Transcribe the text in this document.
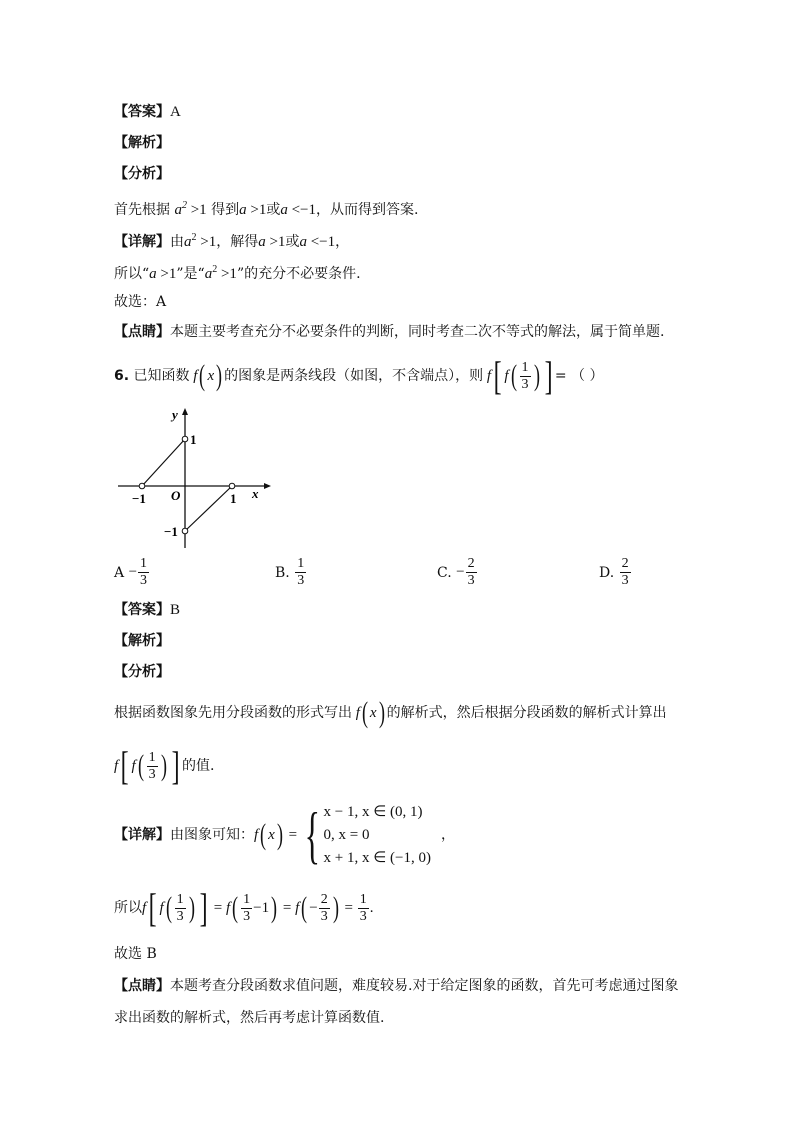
【答案】A
【解析】
【分析】
首先根据 $a^2 >1$ 得到a >1或a <−1，从而得到答案.
【详解】由$a^2 >1$，解得a >1或a <−1，
所以“a >1”是“$a^2 >1$”的充分不必要条件.
故选：A
【点睛】本题主要考查充分不必要条件的判断，同时考查二次不等式的解法，属于简单题.
6.
已知函数 f ( x ) 的图象是两条线段（如图，不含端点），则 f [ f ( $\frac{1}{3}$ ) ] = （ ）
y
1
O
−1	1 x
−1
A
− $\frac{1}{3}$	B.
$\frac{1}{3}$	C.
− $\frac{2}{3}$	D.
$\frac{2}{3}$
【答案】B
【解析】
【分析】
根据函数图象先用分段函数的形式写出 f ( x ) 的解析式，然后根据分段函数的解析式计算出
f [ f ( $\frac{1}{3}$ ) ] 的值.
【详解】 由图象可知： f ( x ) = { x − 1, x ∈ (0, 1)
0, x = 0
x + 1, x ∈ (−1, 0)
，
所以 f [ f ( $\frac{1}{3}$ ) ] = f ( $\frac{1}{3} -1$ ) = f ( − $\frac{2}{3}$ ) = $\frac{1}{3}$ .
故选 B
【点睛】本题考查分段函数求值问题，难度较易.对于给定图象的函数，首先可考虑通过图象
求出函数的解析式，然后再考虑计算函数值.
